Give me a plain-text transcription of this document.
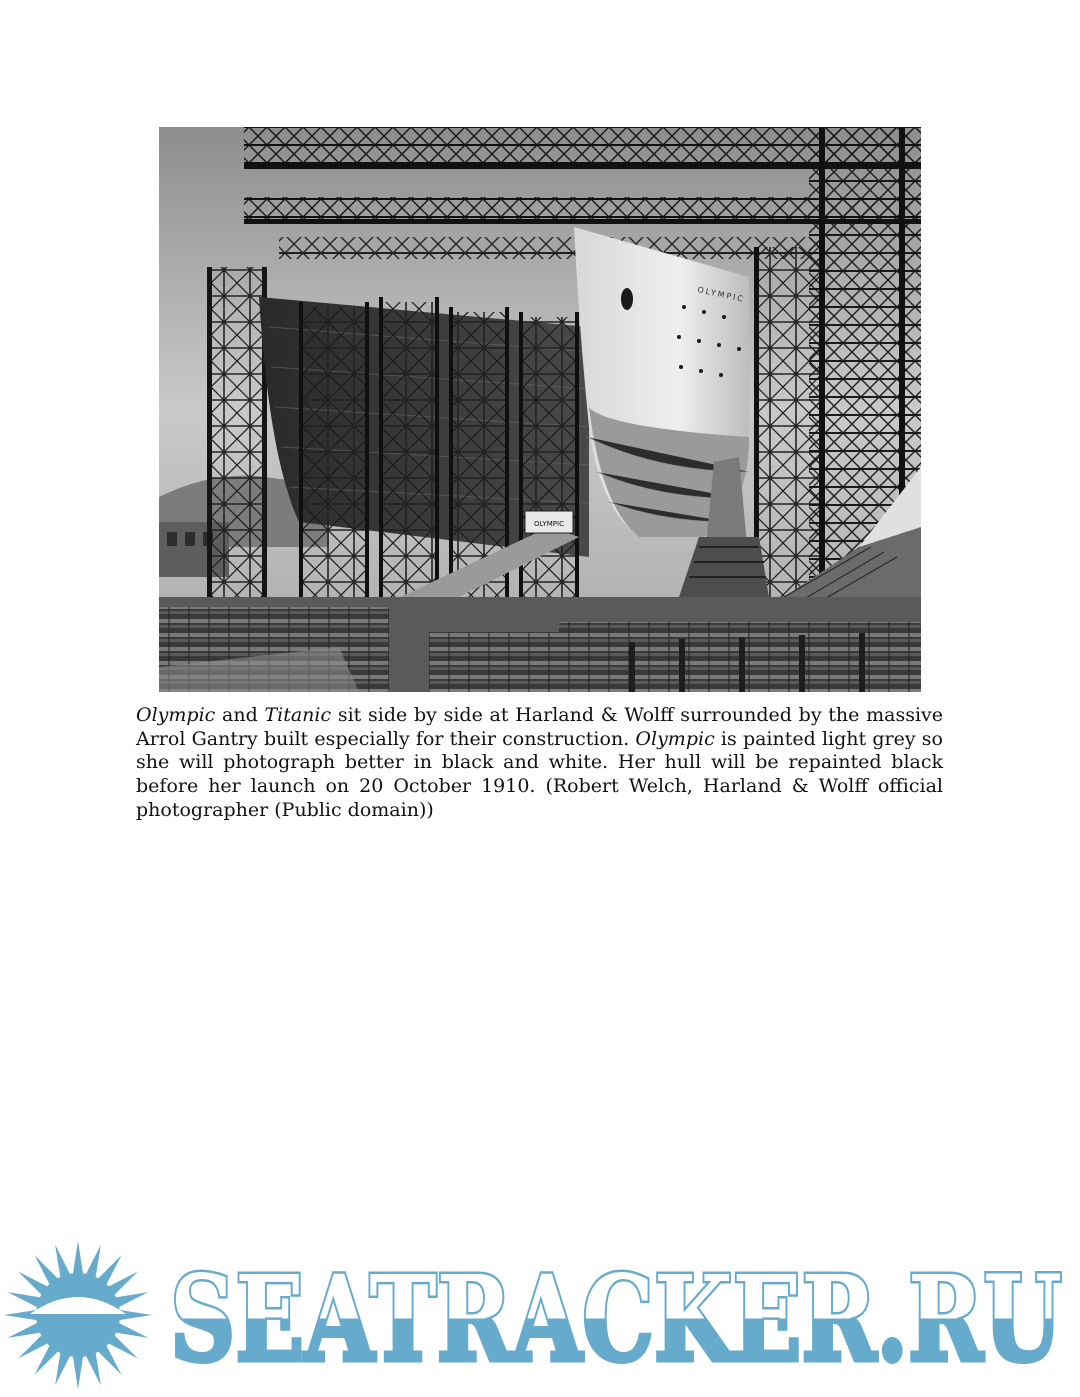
OLYMPIC
OLYMPIC

Olympic and Titanic sit side by side at Harland & Wolff surrounded by the massive Arrol Gantry built especially for their construction. Olympic is painted light grey so she will photograph better in black and white. Her hull will be repainted black before her launch on 20 October 1910. (Robert Welch, Harland & Wolff official photographer (Public domain))

SEATRACKER.RU
